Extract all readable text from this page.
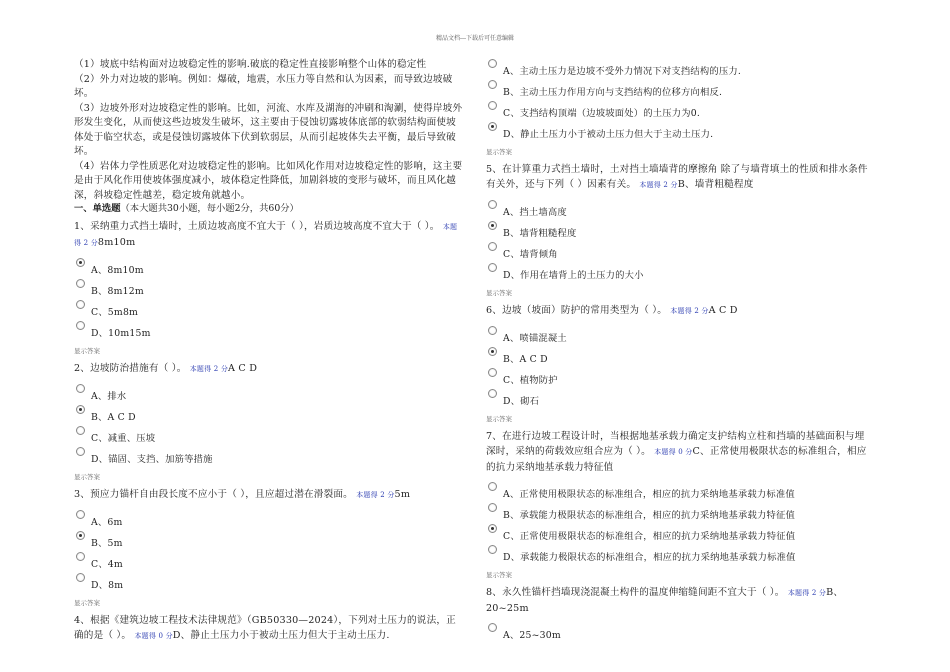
精品文档---下载后可任意编辑

（1）坡底中结构面对边坡稳定性的影响.破底的稳定性直接影响整个山体的稳定性

（2）外力对边坡的影响。例如：爆破，地震，水压力等自然和认为因素，而导致边坡破坏。

（3）边坡外形对边坡稳定性的影响。比如，河流、水库及湖海的冲刷和淘涮，使得岸坡外形发生变化，从而使这些边坡发生破坏，这主要由于侵蚀切露坡体底部的软弱结构面使坡体处于临空状态，或是侵蚀切露坡体下伏到软弱层，从而引起坡体失去平衡，最后导致破坏。

（4）岩体力学性质恶化对边坡稳定性的影响。比如风化作用对边坡稳定性的影响，这主要是由于风化作用使坡体强度减小，坡体稳定性降低，加剧斜坡的变形与破坏，而且风化越深，斜坡稳定性越差，稳定坡角就越小。

一、单选题（本大题共30小题，每小题2分，共60分）

1、采纳重力式挡土墙时，土质边坡高度不宜大于（ ），岩质边坡高度不宜大于（ ）。 本题得 2 分8m10m

A、8m10m
B、8m12m
C、5m8m
D、10m15m
显示答案

2、边坡防治措施有（ ）。 本题得 2 分A C D

A、排水
B、A C D
C、减重、压坡
D、锚固、支挡、加筋等措施
显示答案

3、预应力锚杆自由段长度不应小于（ ），且应超过潜在滑裂面。 本题得 2 分5m

A、6m
B、5m
C、4m
D、8m
显示答案

4、根据《建筑边坡工程技术法律规范》（GB50330—2024），下列对土压力的说法，正确的是（ ）。 本题得 0 分D、静止土压力小于被动土压力但大于主动土压力.

A、主动土压力是边坡不受外力情况下对支挡结构的压力.
B、主动土压力作用方向与支挡结构的位移方向相反.
C、支挡结构顶端（边坡坡面处）的土压力为0.
D、静止土压力小于被动土压力但大于主动土压力.
显示答案

5、在计算重力式挡土墙时，土对挡土墙墙背的摩擦角 除了与墙背填土的性质和排水条件有关外，还与下列（ ）因素有关。 本题得 2 分B、墙背粗糙程度

A、挡土墙高度
B、墙背粗糙程度
C、墙背倾角
D、作用在墙背上的土压力的大小
显示答案

6、边坡（坡面）防护的常用类型为（ ）。 本题得 2 分A C D

A、喷锚混凝土
B、A C D
C、植物防护
D、砌石
显示答案

7、在进行边坡工程设计时，当根据地基承载力确定支护结构立柱和挡墙的基础面积与埋深时，采纳的荷载效应组合应为（ ）。 本题得 0 分C、正常使用极限状态的标准组合，相应的抗力采纳地基承载力特征值

A、正常使用极限状态的标准组合，相应的抗力采纳地基承载力标准值
B、承载能力极限状态的标准组合，相应的抗力采纳地基承载力特征值
C、正常使用极限状态的标准组合，相应的抗力采纳地基承载力特征值
D、承载能力极限状态的标准组合，相应的抗力采纳地基承载力标准值
显示答案

8、永久性锚杆挡墙现浇混凝土构件的温度伸缩缝间距不宜大于（ ）。 本题得 2 分B、20~25m

A、25~30m
